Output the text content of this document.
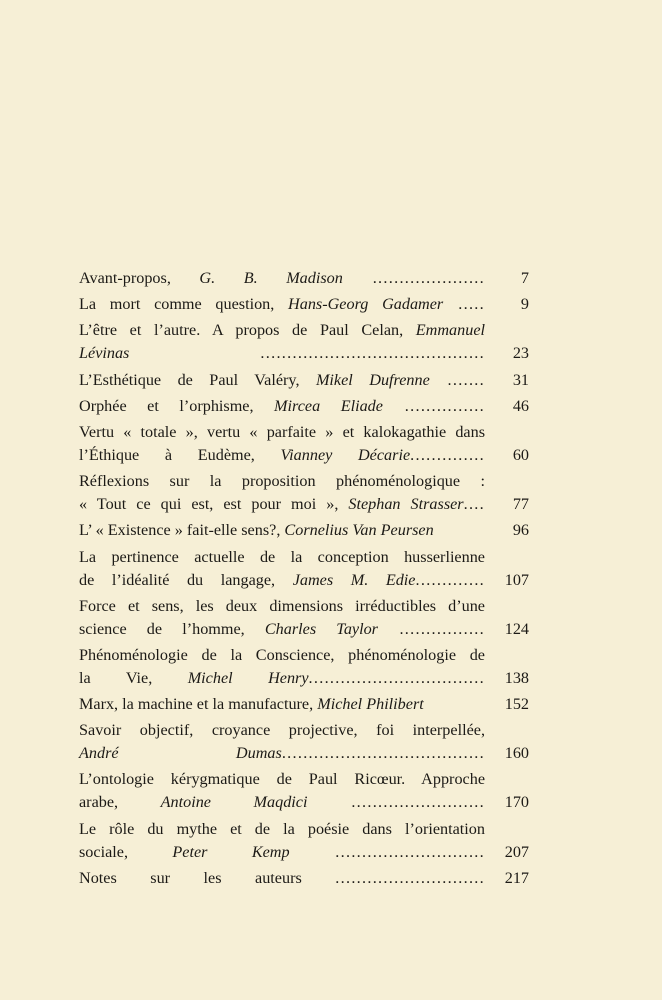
Avant-propos, G. B. Madison .....................	7
La mort comme question, Hans-Georg Gadamer .....	9
L’être et l’autre. A propos de Paul Celan, Emmanuel
Lévinas ..........................................	23
L’Esthétique de Paul Valéry, Mikel Dufrenne .......	31
Orphée et l’orphisme, Mircea Eliade ...............	46
Vertu « totale », vertu « parfaite » et kalokagathie dans
l’Éthique à Eudème, Vianney Décarie..............	60
Réflexions sur la proposition phénoménologique :
« Tout ce qui est, est pour moi », Stephan Strasser....	77
L’ « Existence » fait-elle sens?, Cornelius Van Peursen	96
La pertinence actuelle de la conception husserlienne
de l’idéalité du langage, James M. Edie.............	107
Force et sens, les deux dimensions irréductibles d’une
science de l’homme, Charles Taylor ................	124
Phénoménologie de la Conscience, phénoménologie de
la Vie, Michel Henry.................................	138
Marx, la machine et la manufacture, Michel Philibert	152
Savoir objectif, croyance projective, foi interpellée,
André Dumas......................................	160
L’ontologie kérygmatique de Paul Ricœur. Approche
arabe, Antoine Maqdici .........................	170
Le rôle du mythe et de la poésie dans l’orientation
sociale, Peter Kemp ............................	207
Notes sur les auteurs ............................	217
